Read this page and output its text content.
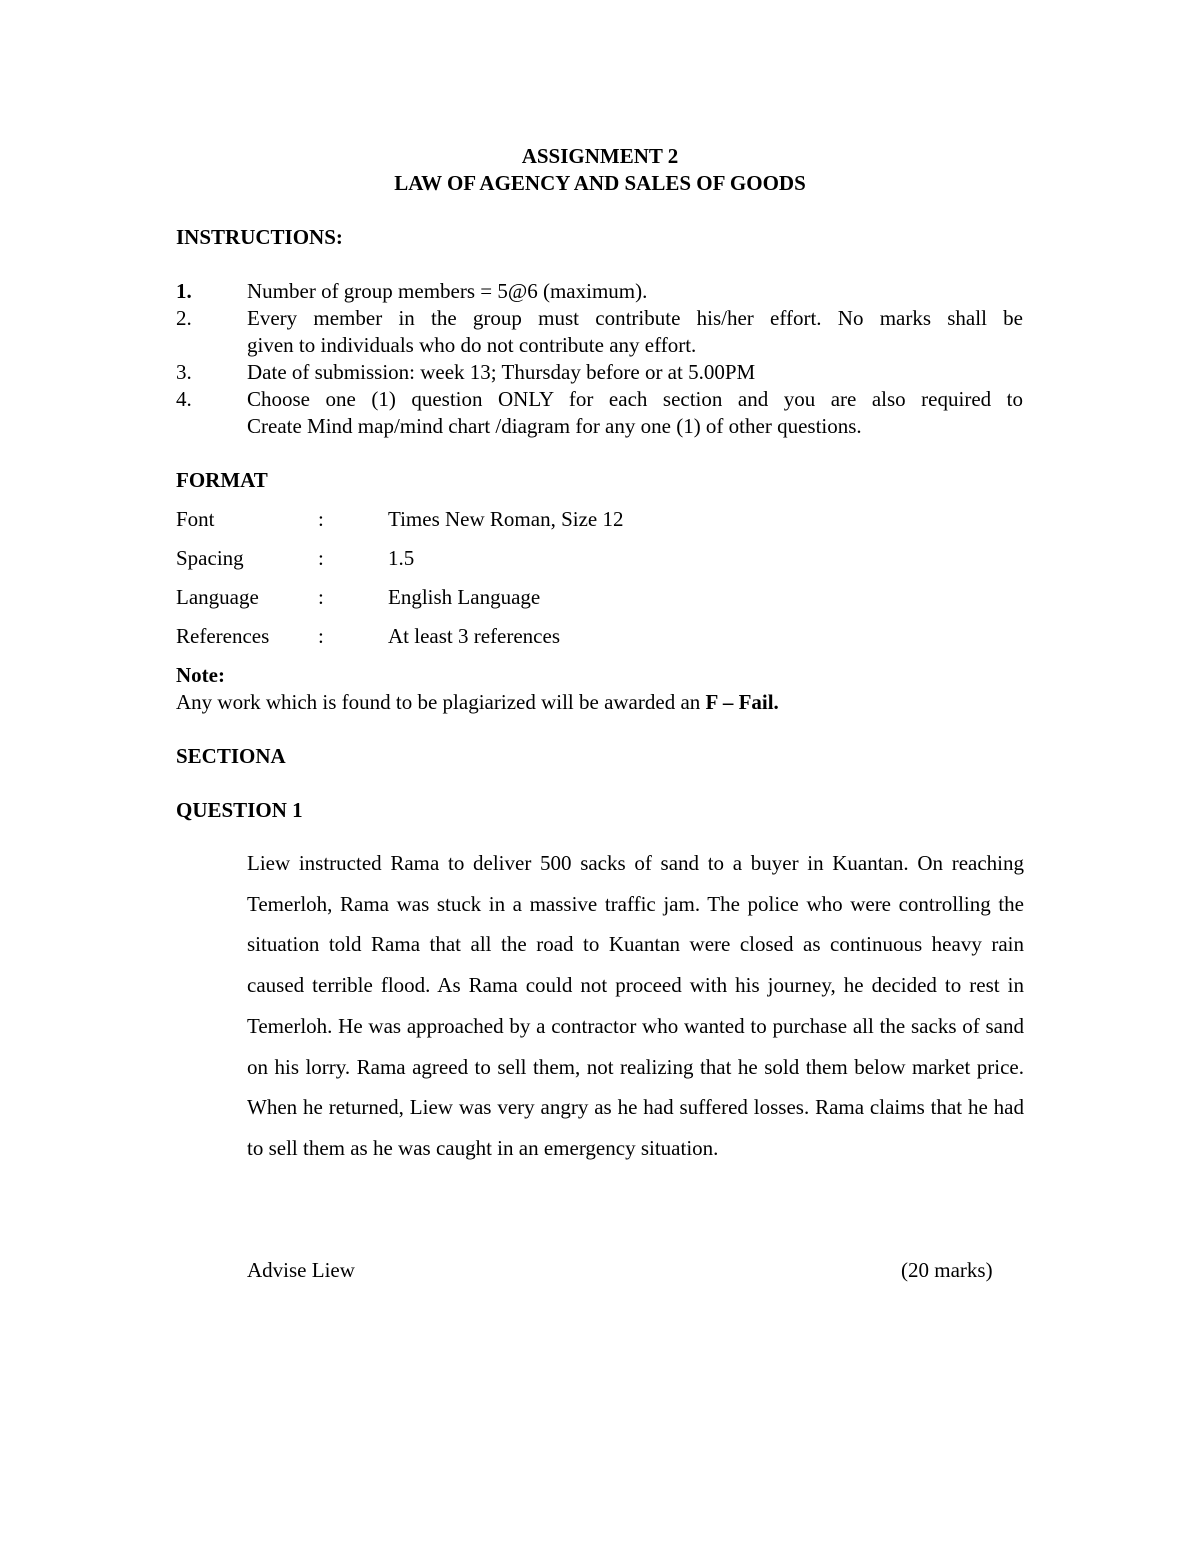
ASSIGNMENT 2
LAW OF AGENCY AND SALES OF GOODS
INSTRUCTIONS:
1.	Number of group members = 5@6 (maximum).
2.	Every member in the group must contribute his/her effort. No marks shall be
given to individuals who do not contribute any effort.
3.	Date of submission: week 13; Thursday before or at 5.00PM
4.	Choose one (1) question ONLY for each section and you are also required to
Create Mind map/mind chart /diagram for any one (1) of other questions.
FORMAT
Font	:	Times New Roman, Size 12
Spacing	:	1.5
Language	:	English Language
References :	At least 3 references
Note:
Any work which is found to be plagiarized will be awarded an F – Fail.
SECTIONA
QUESTION 1
Liew instructed Rama to deliver 500 sacks of sand to a buyer in Kuantan. On reaching Temerloh, Rama was stuck in a massive traffic jam. The police who were controlling the situation told Rama that all the road to Kuantan were closed as continuous heavy rain caused terrible flood. As Rama could not proceed with his journey, he decided to rest in Temerloh. He was approached by a contractor who wanted to purchase all the sacks of sand on his lorry. Rama agreed to sell them, not realizing that he sold them below market price. When he returned, Liew was very angry as he had suffered losses. Rama claims that he had to sell them as he was caught in an emergency situation.
Advise Liew	(20 marks)
